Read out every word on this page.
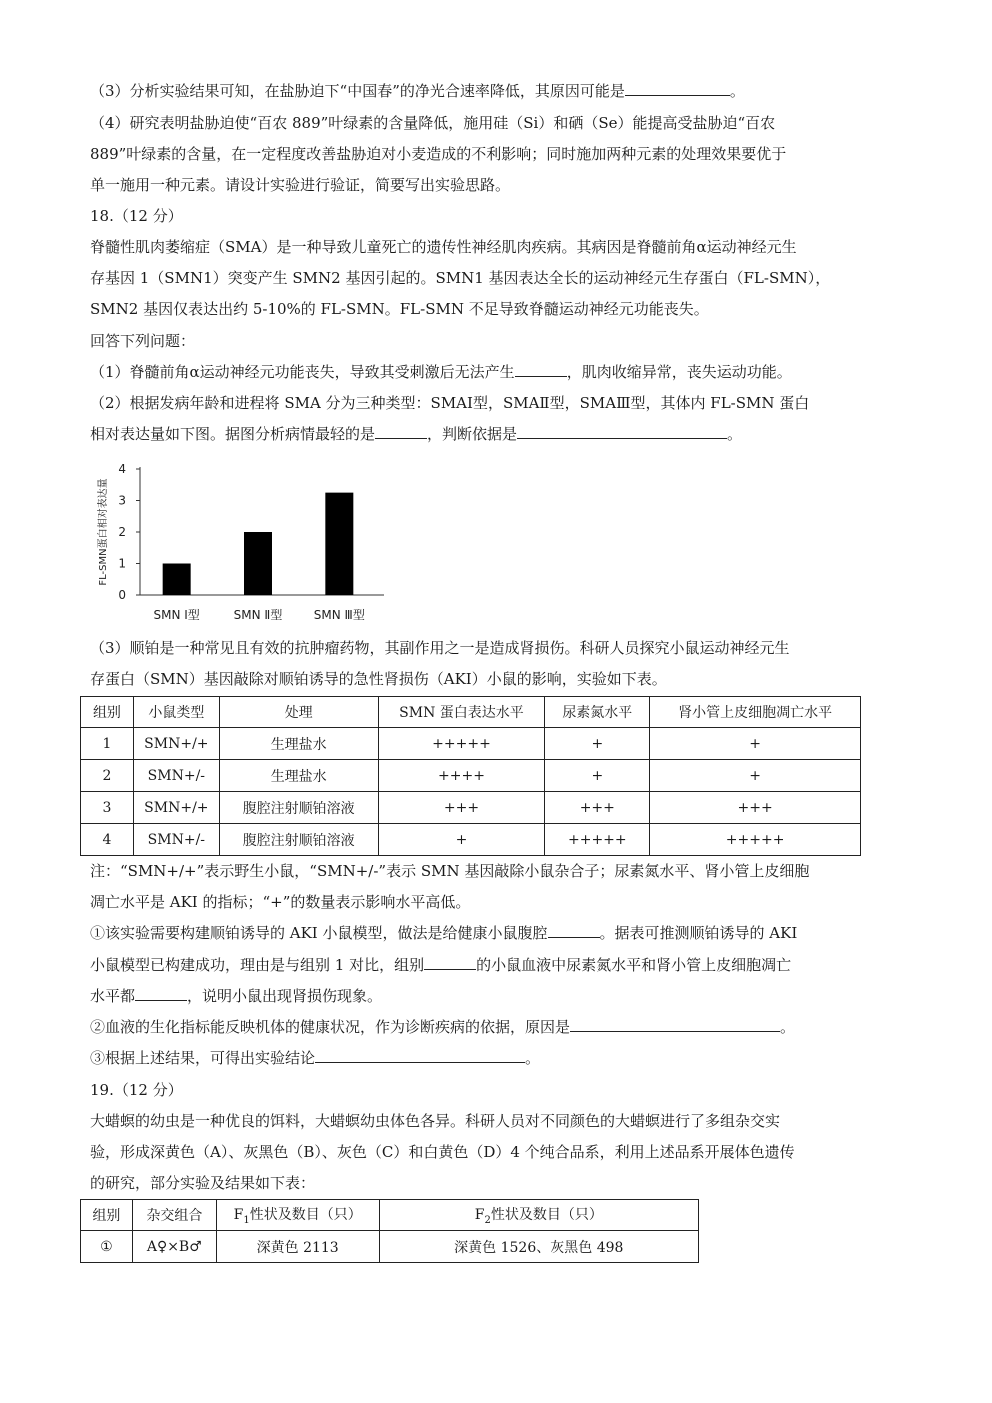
（3）分析实验结果可知，在盐胁迫下“中国春”的净光合速率降低，其原因可能是	。
（4）研究表明盐胁迫使“百农 889”叶绿素的含量降低，施用硅（Si）和硒（Se）能提高受盐胁迫“百农
889”叶绿素的含量，在一定程度改善盐胁迫对小麦造成的不利影响；同时施加两种元素的处理效果要优于
单一施用一种元素。请设计实验进行验证，简要写出实验思路。
18.（12 分）
脊髓性肌肉萎缩症（SMA）是一种导致儿童死亡的遗传性神经肌肉疾病。其病因是脊髓前角α运动神经元生
存基因 1（SMN1）突变产生 SMN2 基因引起的。SMN1 基因表达全长的运动神经元生存蛋白（FL-SMN），
SMN2 基因仅表达出约 5-10%的 FL-SMN。FL-SMN 不足导致脊髓运动神经元功能丧失。
回答下列问题：
（1）脊髓前角α运动神经元功能丧失，导致其受刺激后无法产生	，肌肉收缩异常，丧失运动功能。
（2）根据发病年龄和进程将 SMA 分为三种类型：SMAⅠ型，SMAⅡ型，SMAⅢ型，其体内 FL-SMN 蛋白
相对表达量如下图。据图分析病情最轻的是	，判断依据是	。
0
1
2
3
4
FL-SMN蛋白相对表达量
SMN Ⅰ型	SMN Ⅱ型	SMN Ⅲ型
（3）顺铂是一种常见且有效的抗肿瘤药物，其副作用之一是造成肾损伤。科研人员探究小鼠运动神经元生
存蛋白（SMN）基因敲除对顺铂诱导的急性肾损伤（AKI）小鼠的影响，实验如下表。
组别	小鼠类型	处理	SMN 蛋白表达水平	尿素氮水平	肾小管上皮细胞凋亡水平
1	SMN+/+	生理盐水	+++++	+	+
2	SMN+/-	生理盐水	++++	+	+
3	SMN+/+	腹腔注射顺铂溶液	+++	+++	+++
4	SMN+/-	腹腔注射顺铂溶液	+	+++++	+++++
注：“SMN+/+”表示野生小鼠，“SMN+/-”表示 SMN 基因敲除小鼠杂合子；尿素氮水平、肾小管上皮细胞
凋亡水平是 AKI 的指标；“+”的数量表示影响水平高低。
①该实验需要构建顺铂诱导的 AKI 小鼠模型，做法是给健康小鼠腹腔	。据表可推测顺铂诱导的 AKI
小鼠模型已构建成功，理由是与组别 1 对比，组别	的小鼠血液中尿素氮水平和肾小管上皮细胞凋亡
水平都	，说明小鼠出现肾损伤现象。
②血液的生化指标能反映机体的健康状况，作为诊断疾病的依据，原因是	。
③根据上述结果，可得出实验结论	。
19.（12 分）
大蜡螟的幼虫是一种优良的饵料，大蜡螟幼虫体色各异。科研人员对不同颜色的大蜡螟进行了多组杂交实
验，形成深黄色（A）、灰黑色（B）、灰色（C）和白黄色（D）4 个纯合品系，利用上述品系开展体色遗传
的研究，部分实验及结果如下表：
组别	杂交组合	$F_1$性状及数目（只）	$F_2$性状及数目（只）
①	A♀×B♂	深黄色 2113	深黄色 1526、灰黑色 498
